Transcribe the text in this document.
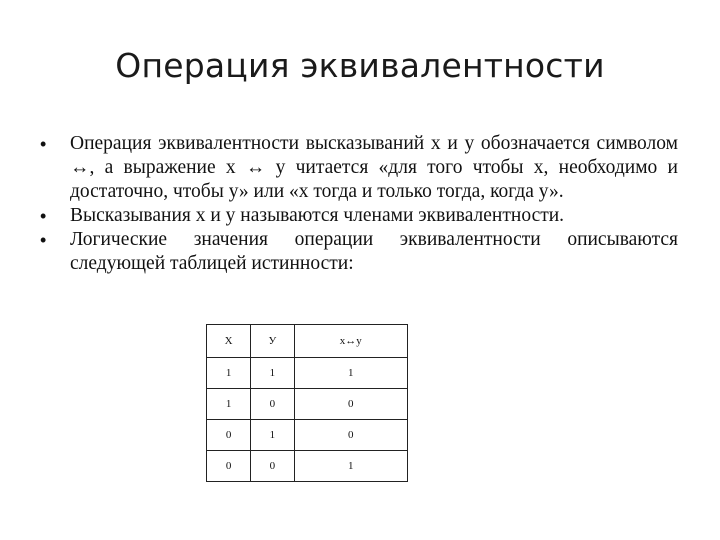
Операция эквивалентности
• Операция эквивалентности высказываний х и у обозначается символом ↔, а выражение х ↔ у читается «для того чтобы х, необходимо и достаточно, чтобы у» или «х тогда и только тогда, когда у».
• Высказывания х и у называются членами эквивалентности.
• Логические значения операции эквивалентности описываются следующей таблицей истинности:
Х	У	х↔у
1	1	1
1	0	0
0	1	0
0	0	1
